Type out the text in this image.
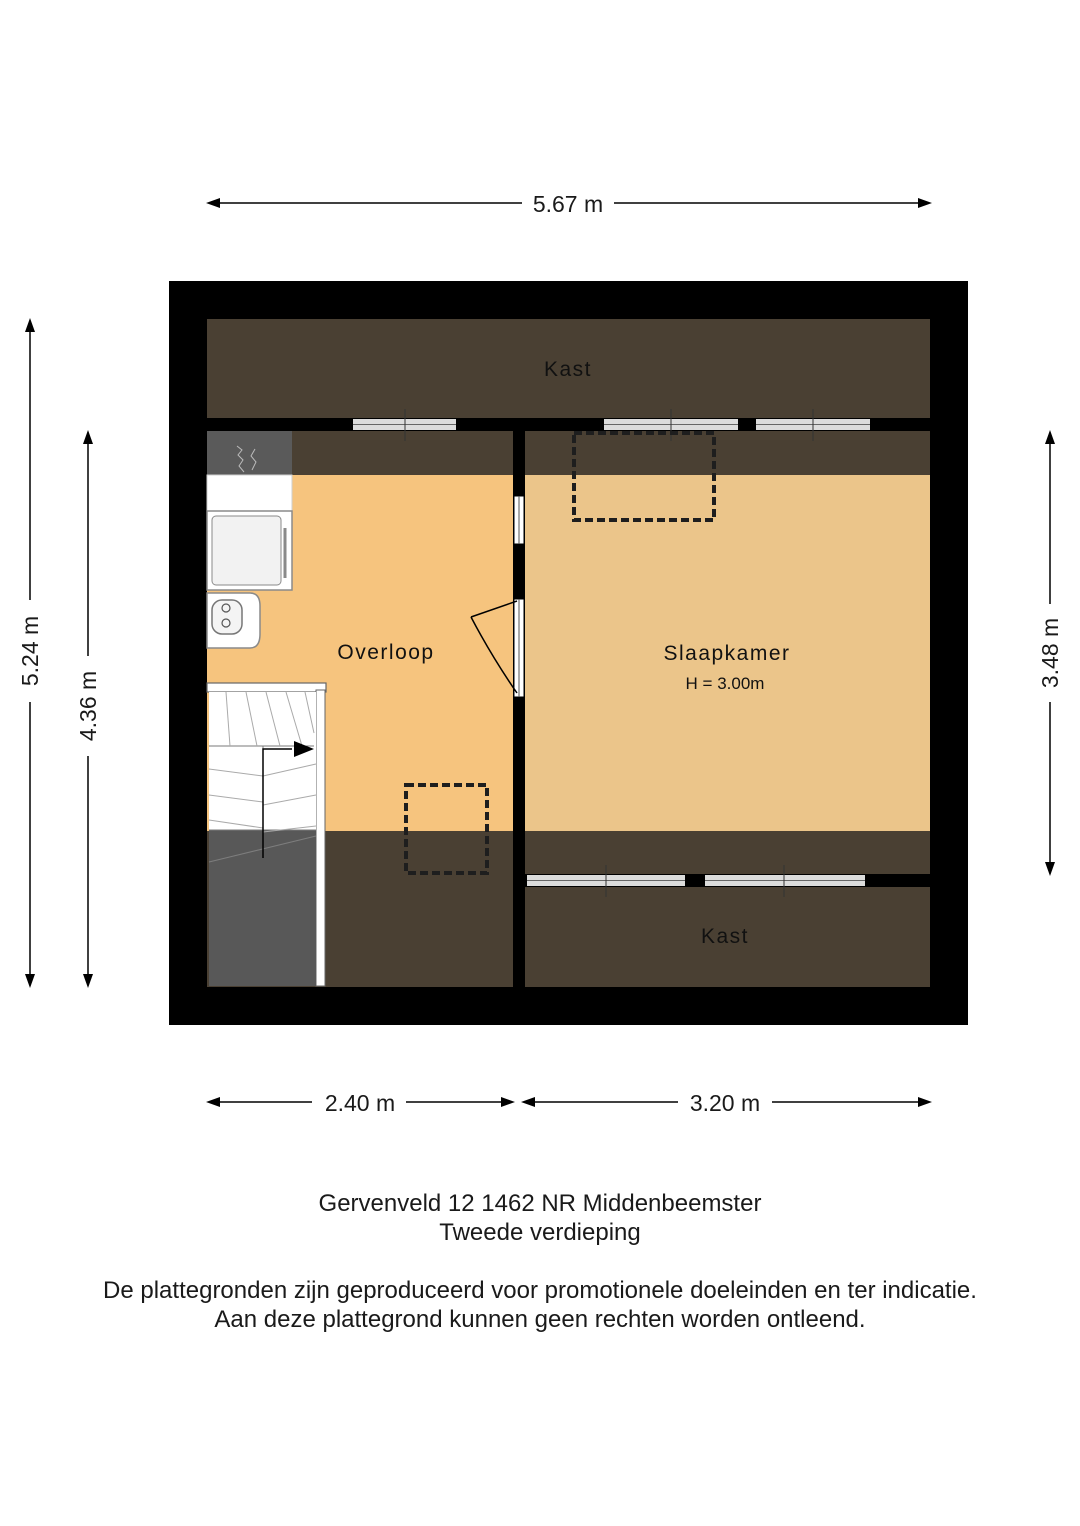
5.67 m
5.24 m
4.36 m
3.48 m
2.40 m	3.20 m
Kast
Overloop	Slaapkamer
H = 3.00m
Kast
Gervenveld 12 1462 NR Middenbeemster
Tweede verdieping
De plattegronden zijn geproduceerd voor promotionele doeleinden en ter indicatie.
Aan deze plattegrond kunnen geen rechten worden ontleend.
